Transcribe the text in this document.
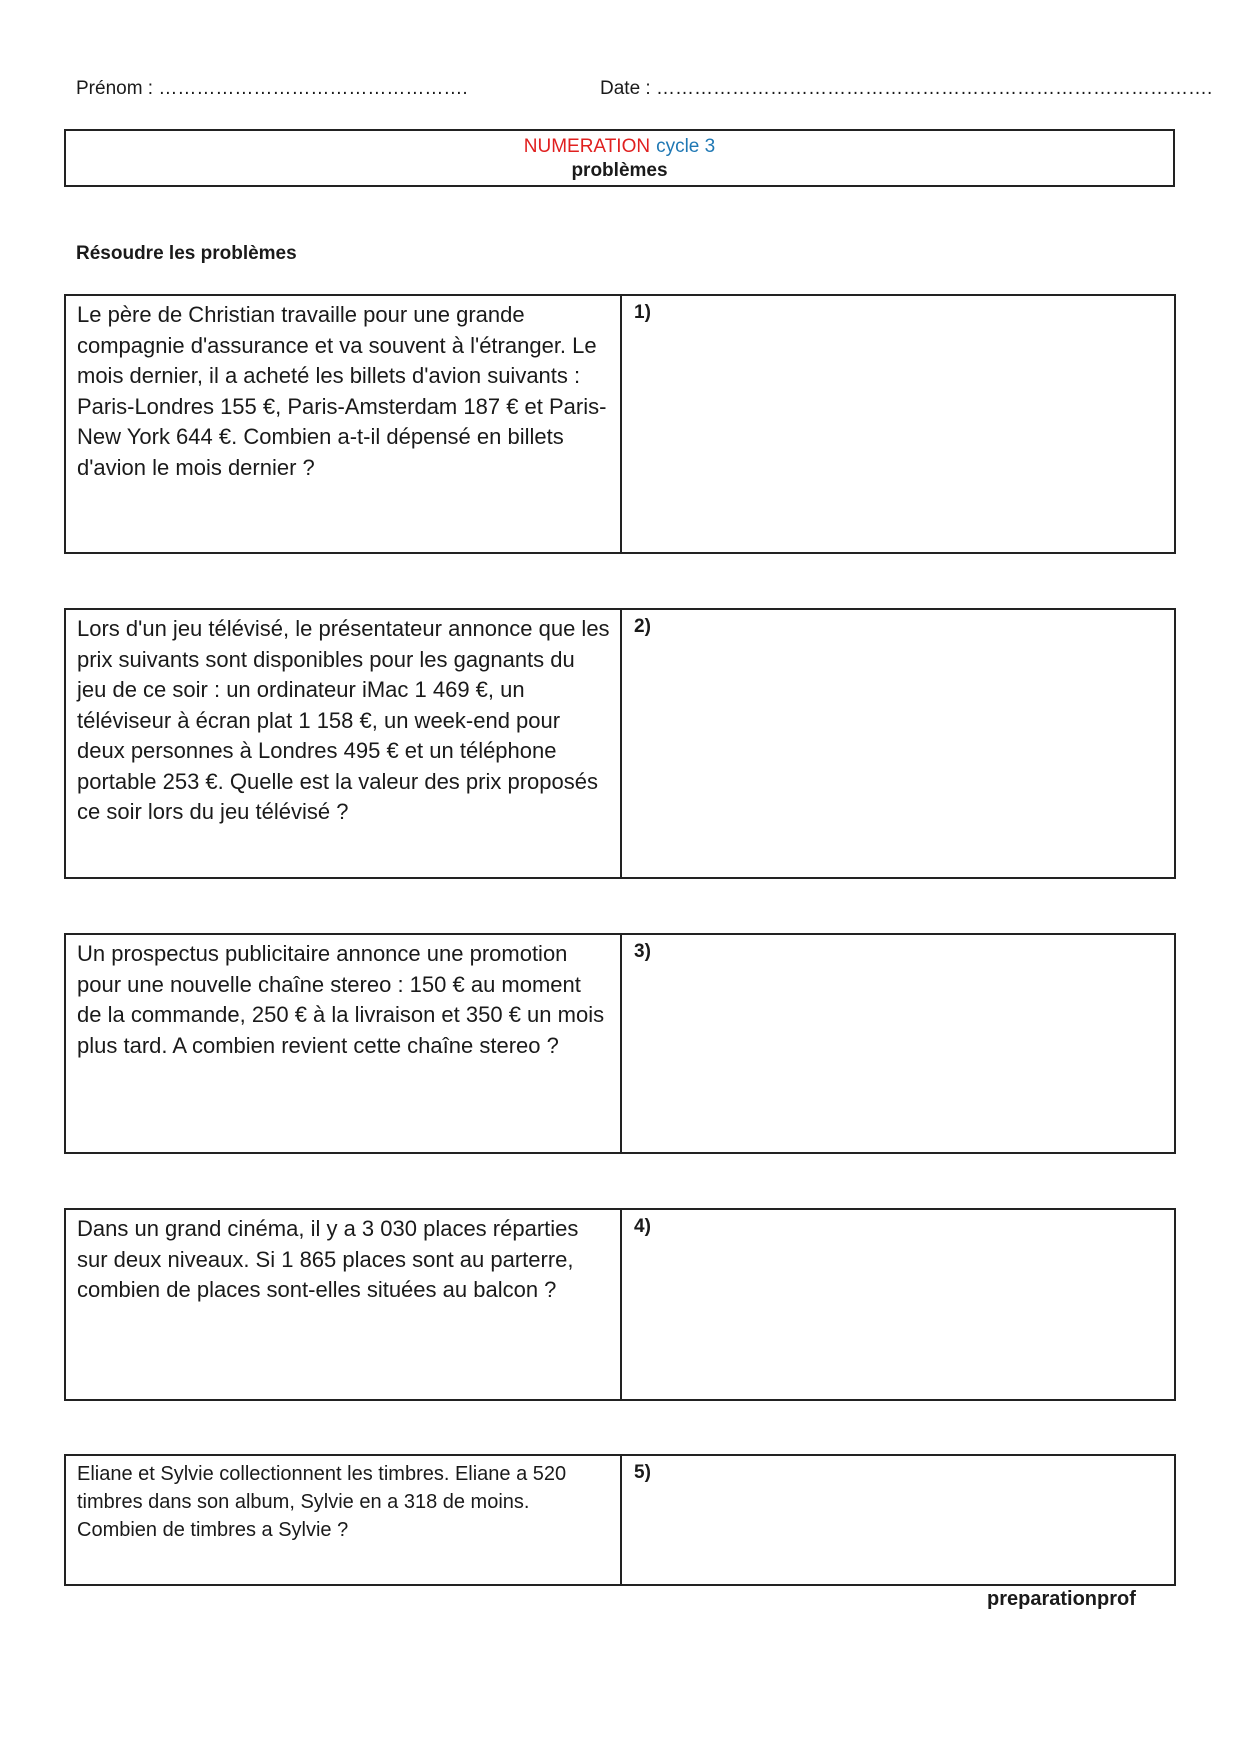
Prénom : ………………………………………….	Date : …………………………………………………………………………….
NUMERATION cycle 3
problèmes
Résoudre les problèmes
Le père de Christian travaille pour une grande compagnie d'assurance et va souvent à l'étranger. Le mois dernier, il a acheté les billets d'avion suivants : Paris-Londres 155 €, Paris-Amsterdam 187 € et Paris-New York 644 €. Combien a-t-il dépensé en billets d'avion le mois dernier ?
1)
Lors d'un jeu télévisé, le présentateur annonce que les prix suivants sont disponibles pour les gagnants du jeu de ce soir : un ordinateur iMac 1 469 €, un téléviseur à écran plat 1 158 €, un week-end pour deux personnes à Londres 495 € et un téléphone portable 253 €. Quelle est la valeur des prix proposés ce soir lors du jeu télévisé ?
2)
Un prospectus publicitaire annonce une promotion pour une nouvelle chaîne stereo : 150 € au moment de la commande, 250 € à la livraison et 350 € un mois plus tard. A combien revient cette chaîne stereo ?
3)
Dans un grand cinéma, il y a 3 030 places réparties sur deux niveaux. Si 1 865 places sont au parterre, combien de places sont-elles situées au balcon ?
4)
Eliane et Sylvie collectionnent les timbres. Eliane a 520 timbres dans son album, Sylvie en a 318 de moins. Combien de timbres a Sylvie ?
5)
preparationprof
